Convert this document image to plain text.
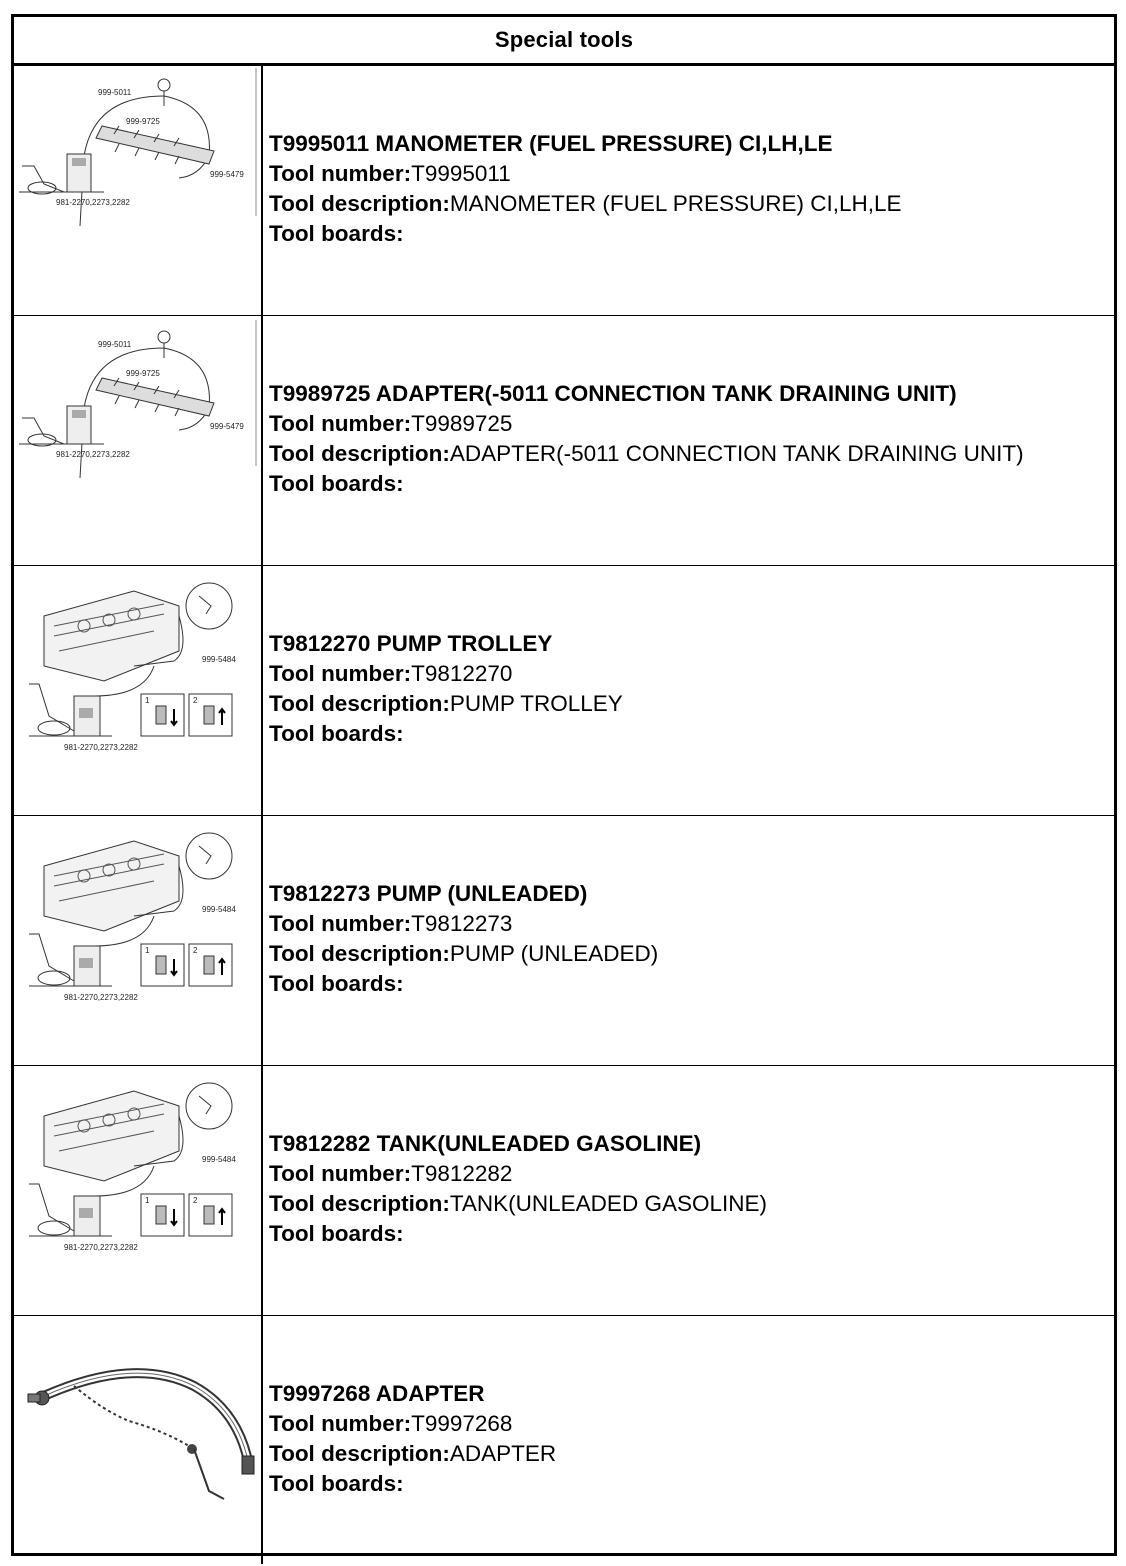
Special tools
999-5011
999-9725
999-5479
981-2270,2273,2282
T9995011 MANOMETER (FUEL PRESSURE) CI,LH,LE
Tool number:T9995011
Tool description:MANOMETER (FUEL PRESSURE) CI,LH,LE
Tool boards:
999-5011
999-9725
999-5479
981-2270,2273,2282
T9989725 ADAPTER(-5011 CONNECTION TANK DRAINING UNIT)
Tool number:T9989725
Tool description:ADAPTER(-5011 CONNECTION TANK DRAINING UNIT)
Tool boards:
999-5484
981-2270,2273,2282
1	2
T9812270 PUMP TROLLEY
Tool number:T9812270
Tool description:PUMP TROLLEY
Tool boards:
999-5484
981-2270,2273,2282
1	2
T9812273 PUMP (UNLEADED)
Tool number:T9812273
Tool description:PUMP (UNLEADED)
Tool boards:
999-5484
981-2270,2273,2282
1	2
T9812282 TANK(UNLEADED GASOLINE)
Tool number:T9812282
Tool description:TANK(UNLEADED GASOLINE)
Tool boards:
T9997268 ADAPTER
Tool number:T9997268
Tool description:ADAPTER
Tool boards:
